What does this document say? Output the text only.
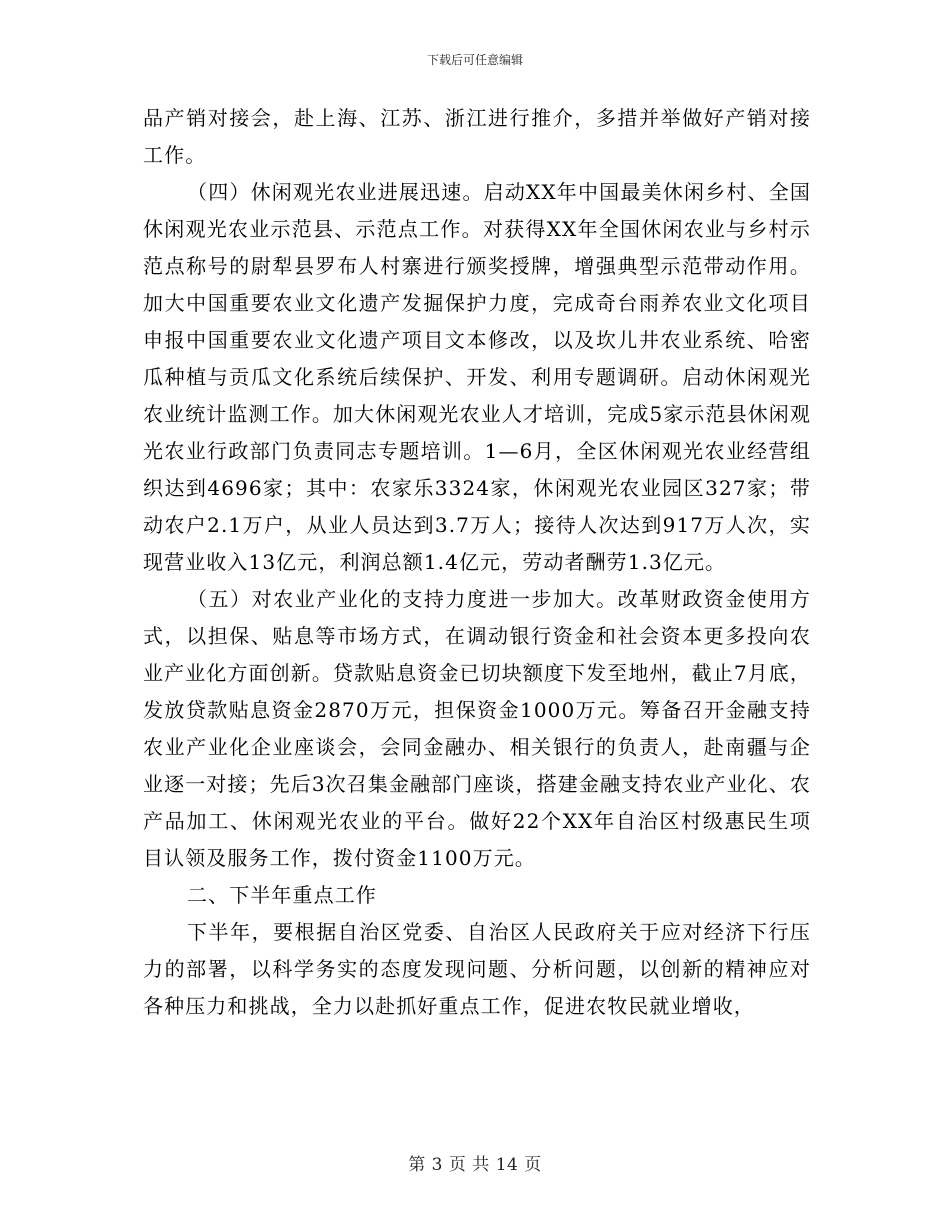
下载后可任意编辑

品产销对接会，赴上海、江苏、浙江进行推介，多措并举做好产销对接工作。

（四）休闲观光农业进展迅速。启动XX年中国最美休闲乡村、全国休闲观光农业示范县、示范点工作。对获得XX年全国休闲农业与乡村示范点称号的尉犁县罗布人村寨进行颁奖授牌，增强典型示范带动作用。加大中国重要农业文化遗产发掘保护力度，完成奇台雨养农业文化项目申报中国重要农业文化遗产项目文本修改，以及坎儿井农业系统、哈密瓜种植与贡瓜文化系统后续保护、开发、利用专题调研。启动休闲观光农业统计监测工作。加大休闲观光农业人才培训，完成5家示范县休闲观光农业行政部门负责同志专题培训。1—6月，全区休闲观光农业经营组织达到4696家；其中：农家乐3324家，休闲观光农业园区327家；带动农户2.1万户，从业人员达到3.7万人；接待人次达到917万人次，实现营业收入13亿元，利润总额1.4亿元，劳动者酬劳1.3亿元。

（五）对农业产业化的支持力度进一步加大。改革财政资金使用方式，以担保、贴息等市场方式，在调动银行资金和社会资本更多投向农业产业化方面创新。贷款贴息资金已切块额度下发至地州，截止7月底，发放贷款贴息资金2870万元，担保资金1000万元。筹备召开金融支持农业产业化企业座谈会，会同金融办、相关银行的负责人，赴南疆与企业逐一对接；先后3次召集金融部门座谈，搭建金融支持农业产业化、农产品加工、休闲观光农业的平台。做好22个XX年自治区村级惠民生项目认领及服务工作，拨付资金1100万元。

二、下半年重点工作

下半年，要根据自治区党委、自治区人民政府关于应对经济下行压力的部署，以科学务实的态度发现问题、分析问题，以创新的精神应对各种压力和挑战，全力以赴抓好重点工作，促进农牧民就业增收，

第 3 页 共 14 页
